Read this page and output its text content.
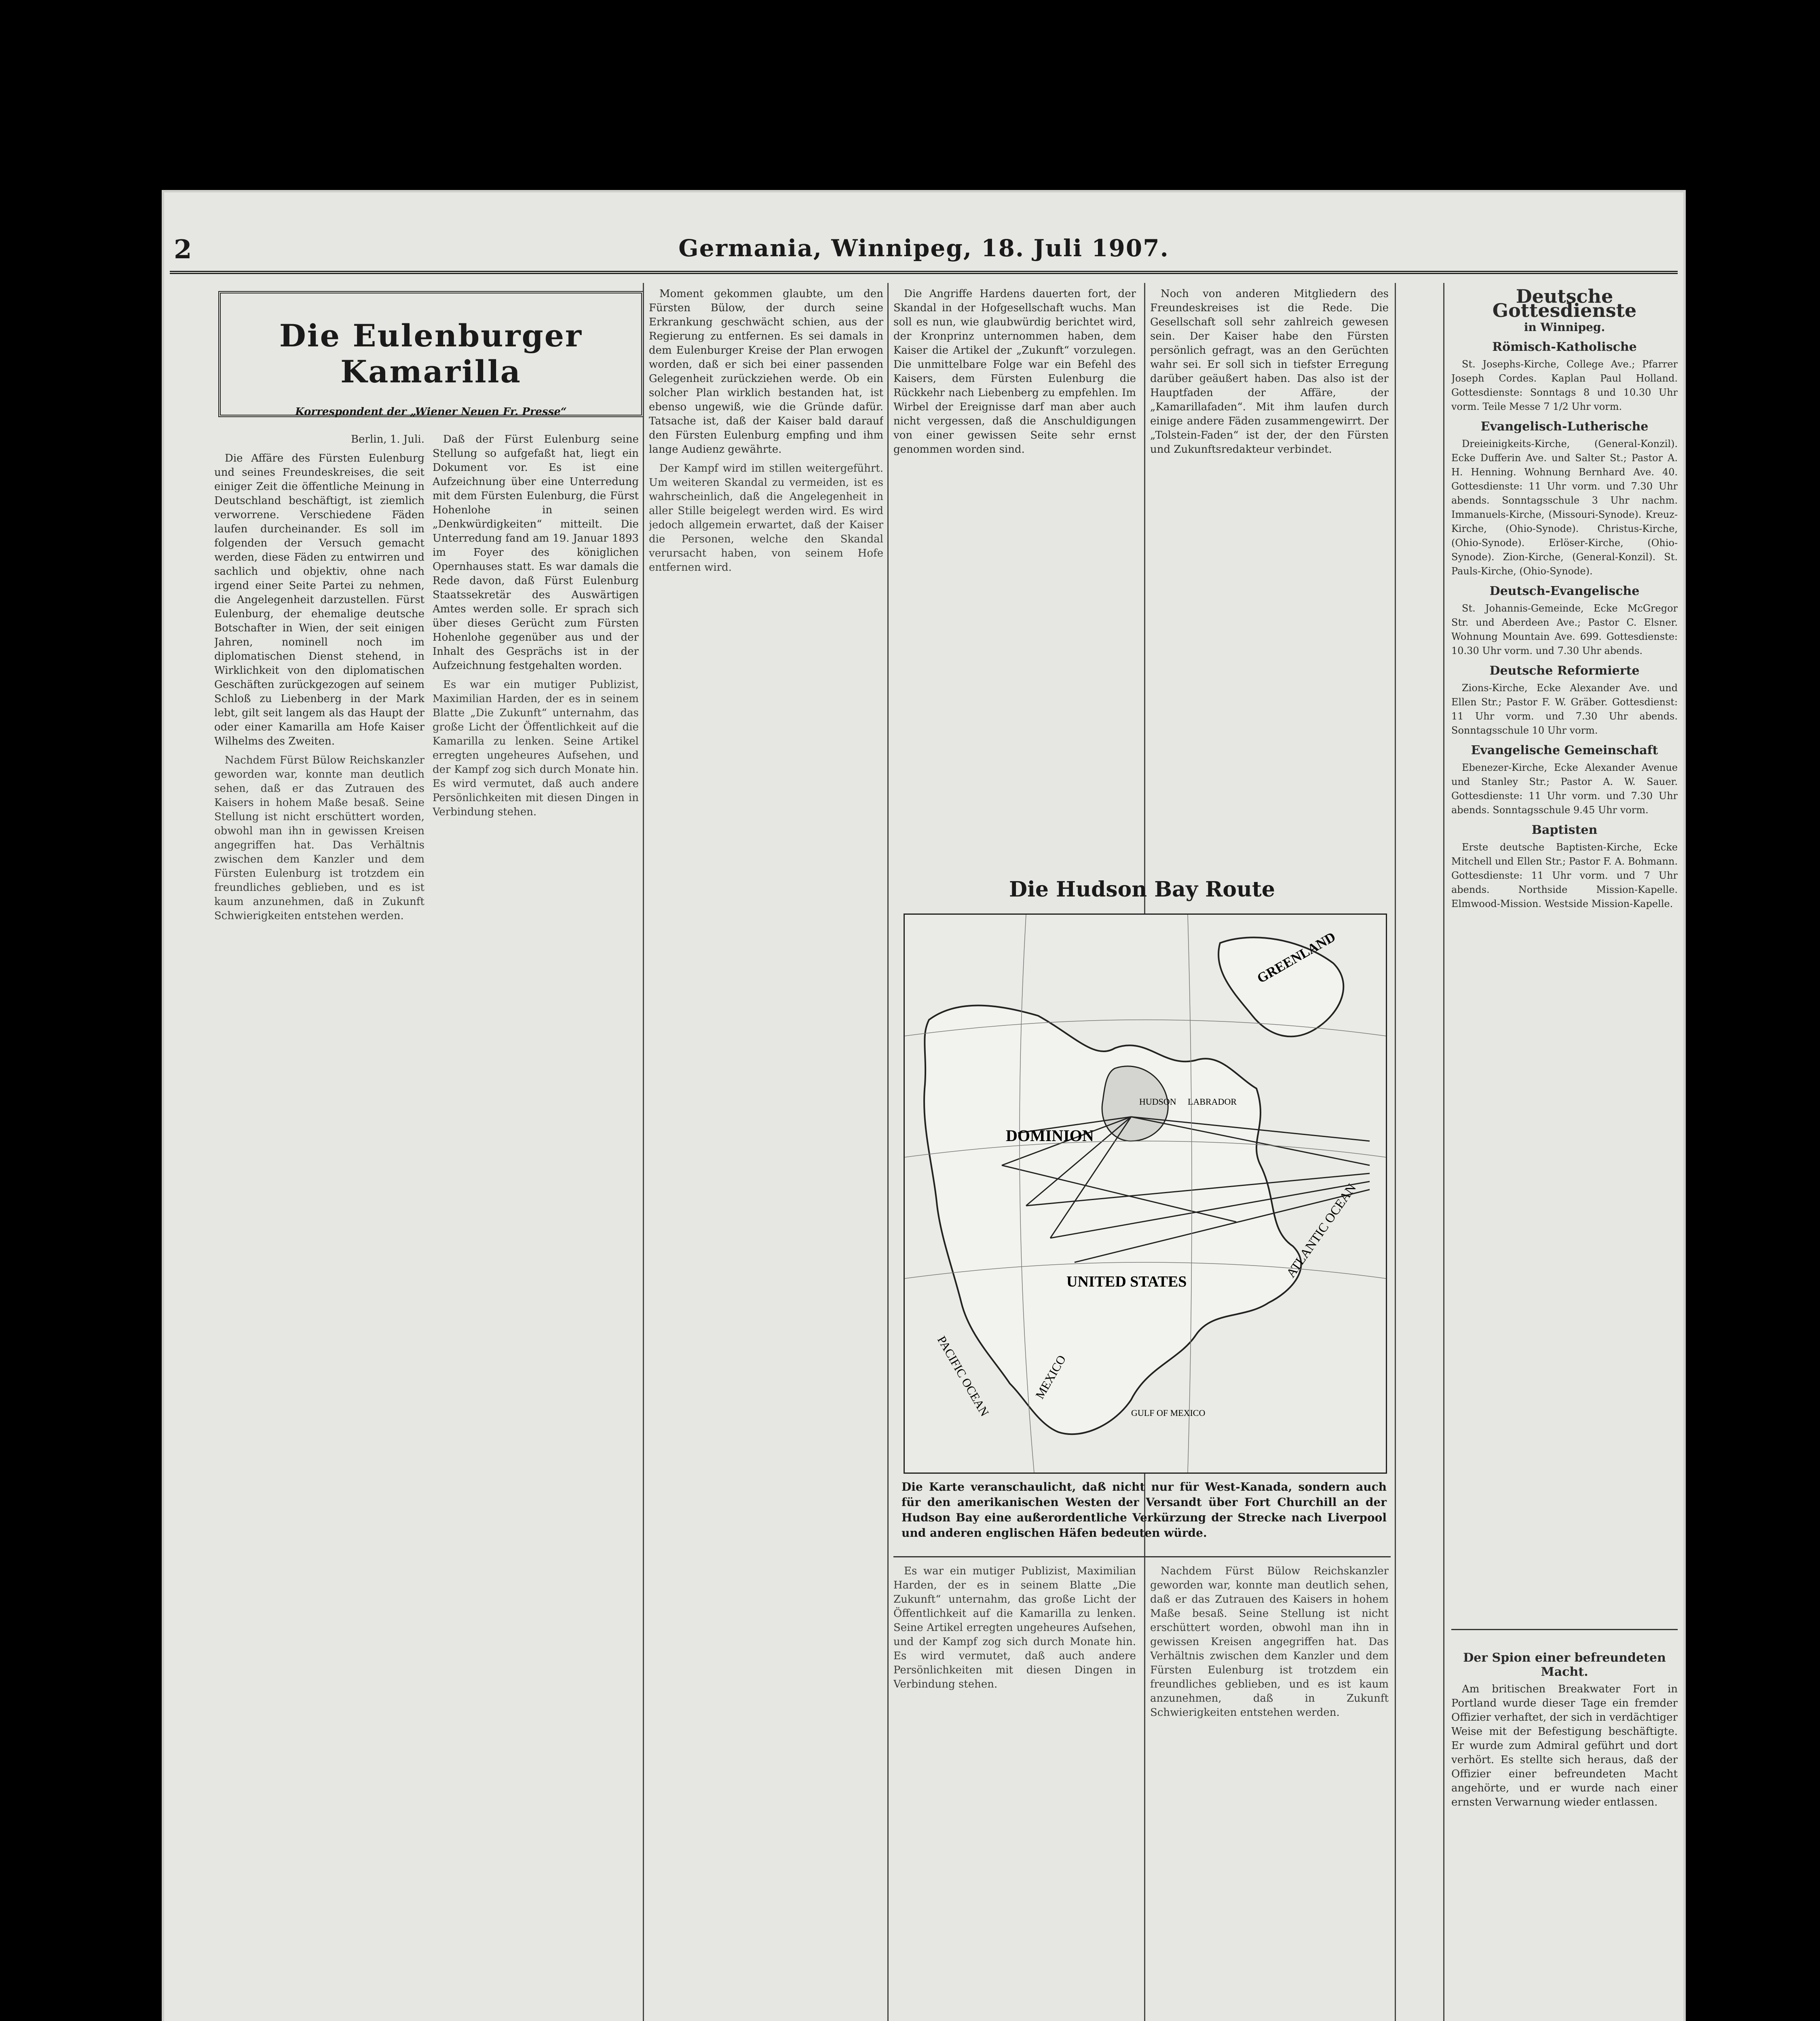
2	Germania, Winnipeg, 18. Juli 1907.
Die Eulenburger Kamarilla
Korrespondent der „Wiener Neuen Fr. Presse“

Berlin, 1. Juli.

Die Affäre des Fürsten Eulenburg und seines Freundeskreises, die seit einiger Zeit die öffentliche Meinung in Deutschland beschäftigt, ist ziemlich verworrene. Verschiedene Fäden laufen durcheinander. Es soll im folgenden der Versuch gemacht werden, diese Fäden zu entwirren und sachlich und objektiv, ohne nach irgend einer Seite Partei zu nehmen, die Angelegenheit darzustellen. Fürst Eulenburg, der ehemalige deutsche Botschafter in Wien, der seit einigen Jahren, nominell noch im diplomatischen Dienst stehend, in Wirklichkeit von den diplomatischen Geschäften zurückgezogen auf seinem Schloß zu Liebenberg in der Mark lebt, gilt seit langem als das Haupt der oder einer Kamarilla am Hofe Kaiser Wilhelms des Zweiten.

Nachdem Fürst Bülow Reichskanzler geworden war, konnte man deutlich sehen, daß er das Zutrauen des Kaisers in hohem Maße besaß. Seine Stellung ist nicht erschüttert worden, obwohl man ihn in gewissen Kreisen angegriffen hat. Das Verhältnis zwischen dem Kanzler und dem Fürsten Eulenburg ist trotzdem ein freundliches geblieben, und es ist kaum anzunehmen, daß in Zukunft Schwierigkeiten entstehen werden.

Daß der Fürst Eulenburg seine Stellung so aufgefaßt hat, liegt ein Dokument vor. Es ist eine Aufzeichnung über eine Unterredung mit dem Fürsten Eulenburg, die Fürst Hohenlohe in seinen „Denkwürdigkeiten“ mitteilt. Die Unterredung fand am 19. Januar 1893 im Foyer des königlichen Opernhauses statt. Es war damals die Rede davon, daß Fürst Eulenburg Staatssekretär des Auswärtigen Amtes werden solle. Er sprach sich über dieses Gerücht zum Fürsten Hohenlohe gegenüber aus und der Inhalt des Gesprächs ist in der Aufzeichnung festgehalten worden.

Es war ein mutiger Publizist, Maximilian Harden, der es in seinem Blatte „Die Zukunft“ unternahm, das große Licht der Öffentlichkeit auf die Kamarilla zu lenken. Seine Artikel erregten ungeheures Aufsehen, und der Kampf zog sich durch Monate hin. Es wird vermutet, daß auch andere Persönlichkeiten mit diesen Dingen in Verbindung stehen.

Moment gekommen glaubte, um den Fürsten Bülow, der durch seine Erkrankung geschwächt schien, aus der Regierung zu entfernen. Es sei damals in dem Eulenburger Kreise der Plan erwogen worden, daß er sich bei einer passenden Gelegenheit zurückziehen werde. Ob ein solcher Plan wirklich bestanden hat, ist ebenso ungewiß, wie die Gründe dafür. Tatsache ist, daß der Kaiser bald darauf den Fürsten Eulenburg empfing und ihm lange Audienz gewährte.

Der Kampf wird im stillen weitergeführt. Um weiteren Skandal zu vermeiden, ist es wahrscheinlich, daß die Angelegenheit in aller Stille beigelegt werden wird. Es wird jedoch allgemein erwartet, daß der Kaiser die Personen, welche den Skandal verursacht haben, von seinem Hofe entfernen wird.

Die Angriffe Hardens dauerten fort, der Skandal in der Hofgesellschaft wuchs. Man soll es nun, wie glaubwürdig berichtet wird, der Kronprinz unternommen haben, dem Kaiser die Artikel der „Zukunft“ vorzulegen. Die unmittelbare Folge war ein Befehl des Kaisers, dem Fürsten Eulenburg die Rückkehr nach Liebenberg zu empfehlen. Im Wirbel der Ereignisse darf man aber auch nicht vergessen, daß die Anschuldigungen von einer gewissen Seite sehr ernst genommen worden sind.

Noch von anderen Mitgliedern des Freundeskreises ist die Rede. Die Gesellschaft soll sehr zahlreich gewesen sein. Der Kaiser habe den Fürsten persönlich gefragt, was an den Gerüchten wahr sei. Er soll sich in tiefster Erregung darüber geäußert haben. Das also ist der Hauptfaden der Affäre, der „Kamarillafaden“. Mit ihm laufen durch einige andere Fäden zusammengewirrt. Der „Tolstein-Faden“ ist der, der den Fürsten und Zukunftsredakteur verbindet.

Die Hudson Bay Route
GREENLAND
HUDSON LABRADOR
DOMINION
UNITED STATES
ATLANTIC OCEAN
PACIFIC OCEAN	MEXICO
GULF OF MEXICO
Die Karte veranschaulicht, daß nicht nur für West-Kanada, sondern auch für den amerikanischen Westen der Versandt über Fort Churchill an der Hudson Bay eine außerordentliche Verkürzung der Strecke nach Liverpool und anderen englischen Häfen bedeuten würde.

Es war ein mutiger Publizist, Maximilian Harden, der es in seinem Blatte „Die Zukunft“ unternahm, das große Licht der Öffentlichkeit auf die Kamarilla zu lenken. Seine Artikel erregten ungeheures Aufsehen, und der Kampf zog sich durch Monate hin. Es wird vermutet, daß auch andere Persönlichkeiten mit diesen Dingen in Verbindung stehen.

Nachdem Fürst Bülow Reichskanzler geworden war, konnte man deutlich sehen, daß er das Zutrauen des Kaisers in hohem Maße besaß. Seine Stellung ist nicht erschüttert worden, obwohl man ihn in gewissen Kreisen angegriffen hat. Das Verhältnis zwischen dem Kanzler und dem Fürsten Eulenburg ist trotzdem ein freundliches geblieben, und es ist kaum anzunehmen, daß in Zukunft Schwierigkeiten entstehen werden.

Deutsche Gottesdienste
in Winnipeg.
Römisch-Katholische

St. Josephs-Kirche, College Ave.; Pfarrer Joseph Cordes. Kaplan Paul Holland. Gottesdienste: Sonntags 8 und 10.30 Uhr vorm. Teile Messe 7 1/2 Uhr vorm.

Evangelisch-Lutherische

Dreieinigkeits-Kirche, (General-Konzil). Ecke Dufferin Ave. und Salter St.; Pastor A. H. Henning. Wohnung Bernhard Ave. 40. Gottesdienste: 11 Uhr vorm. und 7.30 Uhr abends. Sonntagsschule 3 Uhr nachm. Immanuels-Kirche, (Missouri-Synode). Kreuz-Kirche, (Ohio-Synode). Christus-Kirche, (Ohio-Synode). Erlöser-Kirche, (Ohio-Synode). Zion-Kirche, (General-Konzil). St. Pauls-Kirche, (Ohio-Synode).

Deutsch-Evangelische

St. Johannis-Gemeinde, Ecke McGregor Str. und Aberdeen Ave.; Pastor C. Elsner. Wohnung Mountain Ave. 699. Gottesdienste: 10.30 Uhr vorm. und 7.30 Uhr abends.

Deutsche Reformierte

Zions-Kirche, Ecke Alexander Ave. und Ellen Str.; Pastor F. W. Gräber. Gottesdienst: 11 Uhr vorm. und 7.30 Uhr abends. Sonntagsschule 10 Uhr vorm.

Evangelische Gemeinschaft

Ebenezer-Kirche, Ecke Alexander Avenue und Stanley Str.; Pastor A. W. Sauer. Gottesdienste: 11 Uhr vorm. und 7.30 Uhr abends. Sonntagsschule 9.45 Uhr vorm.

Baptisten

Erste deutsche Baptisten-Kirche, Ecke Mitchell und Ellen Str.; Pastor F. A. Bohmann. Gottesdienste: 11 Uhr vorm. und 7 Uhr abends. Northside Mission-Kapelle. Elmwood-Mission. Westside Mission-Kapelle.

Der Spion einer befreundeten Macht.

Am britischen Breakwater Fort in Portland wurde dieser Tage ein fremder Offizier verhaftet, der sich in verdächtiger Weise mit der Befestigung beschäftigte. Er wurde zum Admiral geführt und dort verhört. Es stellte sich heraus, daß der Offizier einer befreundeten Macht angehörte, und er wurde nach einer ernsten Verwarnung wieder entlassen.
